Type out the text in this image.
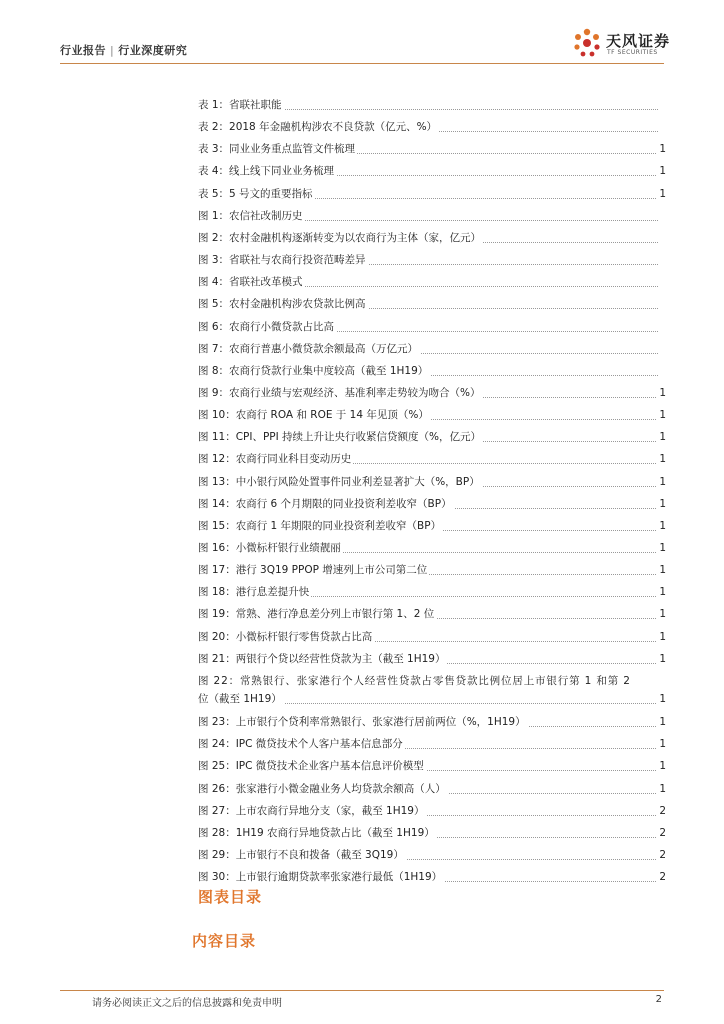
行业报告 | 行业深度研究
天风证券
TF SECURITIES
表 1：省联社职能
表 2：2018 年金融机构涉农不良贷款（亿元、%）
表 3：同业业务重点监管文件梳理	1
表 4：线上线下同业业务梳理	1
表 5：5 号文的重要指标	1
图 1：农信社改制历史
图 2：农村金融机构逐渐转变为以农商行为主体（家，亿元）
图 3：省联社与农商行投资范畴差异
图 4：省联社改革模式
图 5：农村金融机构涉农贷款比例高
图 6：农商行小微贷款占比高
图 7：农商行普惠小微贷款余额最高（万亿元）
图 8：农商行贷款行业集中度较高（截至 1H19）
图 9：农商行业绩与宏观经济、基准利率走势较为吻合（%）	1
图 10：农商行 ROA 和 ROE 于 14 年见顶（%）	1
图 11：CPI、PPI 持续上升让央行收紧信贷额度（%，亿元）	1
图 12：农商行同业科目变动历史	1
图 13：中小银行风险处置事件同业利差显著扩大（%，BP）	1
图 14：农商行 6 个月期限的同业投资利差收窄（BP）	1
图 15：农商行 1 年期限的同业投资利差收窄（BP）	1
图 16：小微标杆银行业绩靓丽	1
图 17：港行 3Q19 PPOP 增速列上市公司第二位	1
图 18：港行息差提升快	1
图 19：常熟、港行净息差分列上市银行第 1、2 位	1
图 20：小微标杆银行零售贷款占比高	1
图 21：两银行个贷以经营性贷款为主（截至 1H19）	1
图 22：常熟银行、张家港行个人经营性贷款占零售贷款比例位居上市银行第 1 和第 2
位（截至 1H19）	1
图 23：上市银行个贷利率常熟银行、张家港行居前两位（%，1H19）	1
图 24：IPC 微贷技术个人客户基本信息部分	1
图 25：IPC 微贷技术企业客户基本信息评价模型	1
图 26：张家港行小微金融业务人均贷款余额高（人）	1
图 27：上市农商行异地分支（家，截至 1H19）	2
图 28：1H19 农商行异地贷款占比（截至 1H19）	2
图 29：上市银行不良和拨备（截至 3Q19）	2
图 30：上市银行逾期贷款率张家港行最低（1H19）	2
图表目录
内容目录
请务必阅读正文之后的信息披露和免责申明	2
